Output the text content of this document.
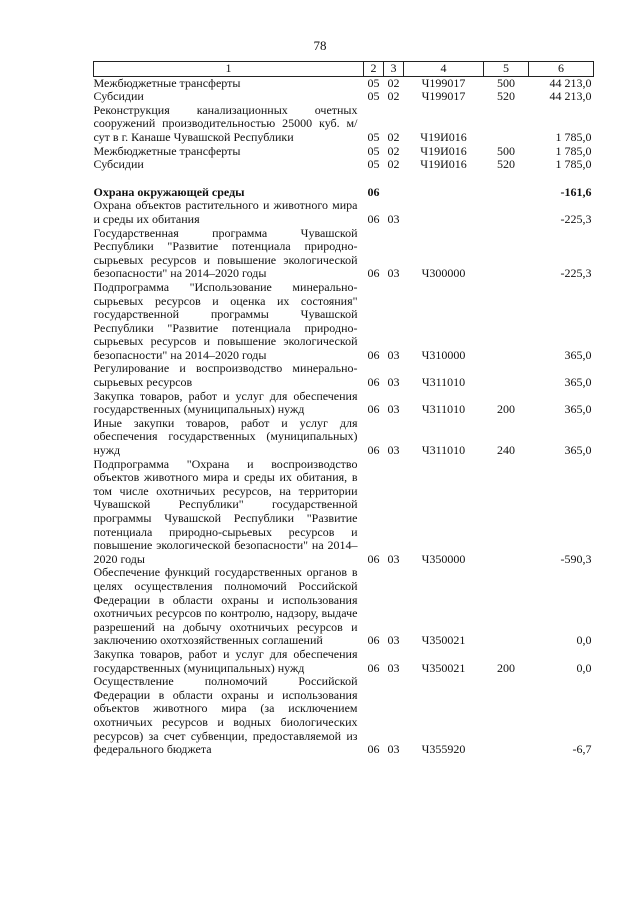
78
1	2	3	4	5	6
Межбюджетные трансферты	05	02	Ч199017	500	44 213,0
Субсидии	05	02	Ч199017	520	44 213,0
Реконструкция канализационных очетных сооружений производительностью 25000 куб. м/сут в г. Канаше Чувашской Республики	05	02	Ч19И016		1 785,0
Межбюджетные трансферты	05	02	Ч19И016	500	1 785,0
Субсидии	05	02	Ч19И016	520	1 785,0

Охрана окружающей среды	06				-161,6
Охрана объектов растительного и животного мира и среды их обитания	06	03			-225,3
Государственная программа Чувашской Республики "Развитие потенциала природно-сырьевых ресурсов и повышение экологической безопасности" на 2014–2020 годы	06	03	Ч300000		-225,3
Подпрограмма "Использование минерально-сырьевых ресурсов и оценка их состояния" государственной программы Чувашской Республики "Развитие потенциала природно-сырьевых ресурсов и повышение экологической безопасности" на 2014–2020 годы	06	03	Ч310000		365,0
Регулирование и воспроизводство минерально-сырьевых ресурсов	06	03	Ч311010		365,0
Закупка товаров, работ и услуг для обеспечения государственных (муниципальных) нужд	06	03	Ч311010	200	365,0
Иные закупки товаров, работ и услуг для обеспечения государственных (муниципальных) нужд	06	03	Ч311010	240	365,0
Подпрограмма "Охрана и воспроизводство объектов животного мира и среды их обитания, в том числе охотничьих ресурсов, на территории Чувашской Республики" государственной программы Чувашской Республики "Развитие потенциала природно-сырьевых ресурсов и повышение экологической безопасности" на 2014–2020 годы	06	03	Ч350000		-590,3
Обеспечение функций государственных органов в целях осуществления полномочий Российской Федерации в области охраны и использования охотничьих ресурсов по контролю, надзору, выдаче разрешений на добычу охотничьих ресурсов и заключению охотхозяйственных соглашений	06	03	Ч350021		0,0
Закупка товаров, работ и услуг для обеспечения государственных (муниципальных) нужд	06	03	Ч350021	200	0,0
Осуществление полномочий Российской Федерации в области охраны и использования объектов животного мира (за исключением охотничьих ресурсов и водных биологических ресурсов) за счет субвенции, предоставляемой из федерального бюджета	06	03	Ч355920		-6,7
